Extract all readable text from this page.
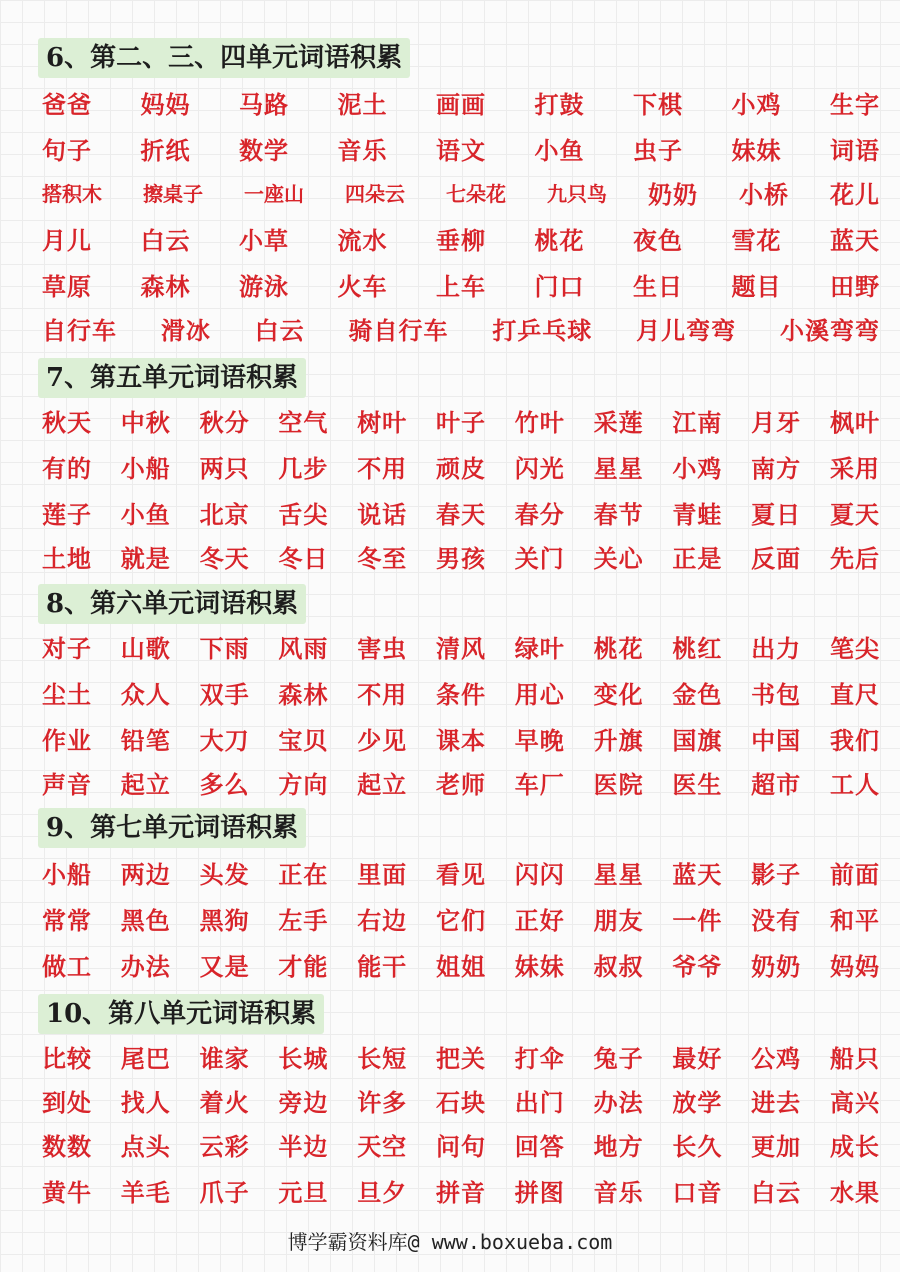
6、第二、三、四单元词语积累
爸爸 妈妈 马路 泥土 画画 打鼓 下棋 小鸡 生字
句子 折纸 数学 音乐 语文 小鱼 虫子 妹妹 词语
搭积木 擦桌子 一座山 四朵云 七朵花 九只鸟 奶奶 小桥 花儿
月儿 白云 小草 流水 垂柳 桃花 夜色 雪花 蓝天
草原 森林 游泳 火车 上车 门口 生日 题目 田野
自行车 滑冰 白云 骑自行车 打乒乓球 月儿弯弯 小溪弯弯
7、第五单元词语积累
秋天 中秋 秋分 空气 树叶 叶子 竹叶 采莲 江南 月牙 枫叶
有的 小船 两只 几步 不用 顽皮 闪光 星星 小鸡 南方 采用
莲子 小鱼 北京 舌尖 说话 春天 春分 春节 青蛙 夏日 夏天
土地 就是 冬天 冬日 冬至 男孩 关门 关心 正是 反面 先后
8、第六单元词语积累
对子 山歌 下雨 风雨 害虫 清风 绿叶 桃花 桃红 出力 笔尖
尘土 众人 双手 森林 不用 条件 用心 变化 金色 书包 直尺
作业 铅笔 大刀 宝贝 少见 课本 早晚 升旗 国旗 中国 我们
声音 起立 多么 方向 起立 老师 车厂 医院 医生 超市 工人
9、第七单元词语积累
小船 两边 头发 正在 里面 看见 闪闪 星星 蓝天 影子 前面
常常 黑色 黑狗 左手 右边 它们 正好 朋友 一件 没有 和平
做工 办法 又是 才能 能干 姐姐 妹妹 叔叔 爷爷 奶奶 妈妈
10、第八单元词语积累
比较 尾巴 谁家 长城 长短 把关 打伞 兔子 最好 公鸡 船只
到处 找人 着火 旁边 许多 石块 出门 办法 放学 进去 高兴
数数 点头 云彩 半边 天空 问句 回答 地方 长久 更加 成长
黄牛 羊毛 爪子 元旦 旦夕 拼音 拼图 音乐 口音 白云 水果
博学霸资料库@ www.boxueba.com
